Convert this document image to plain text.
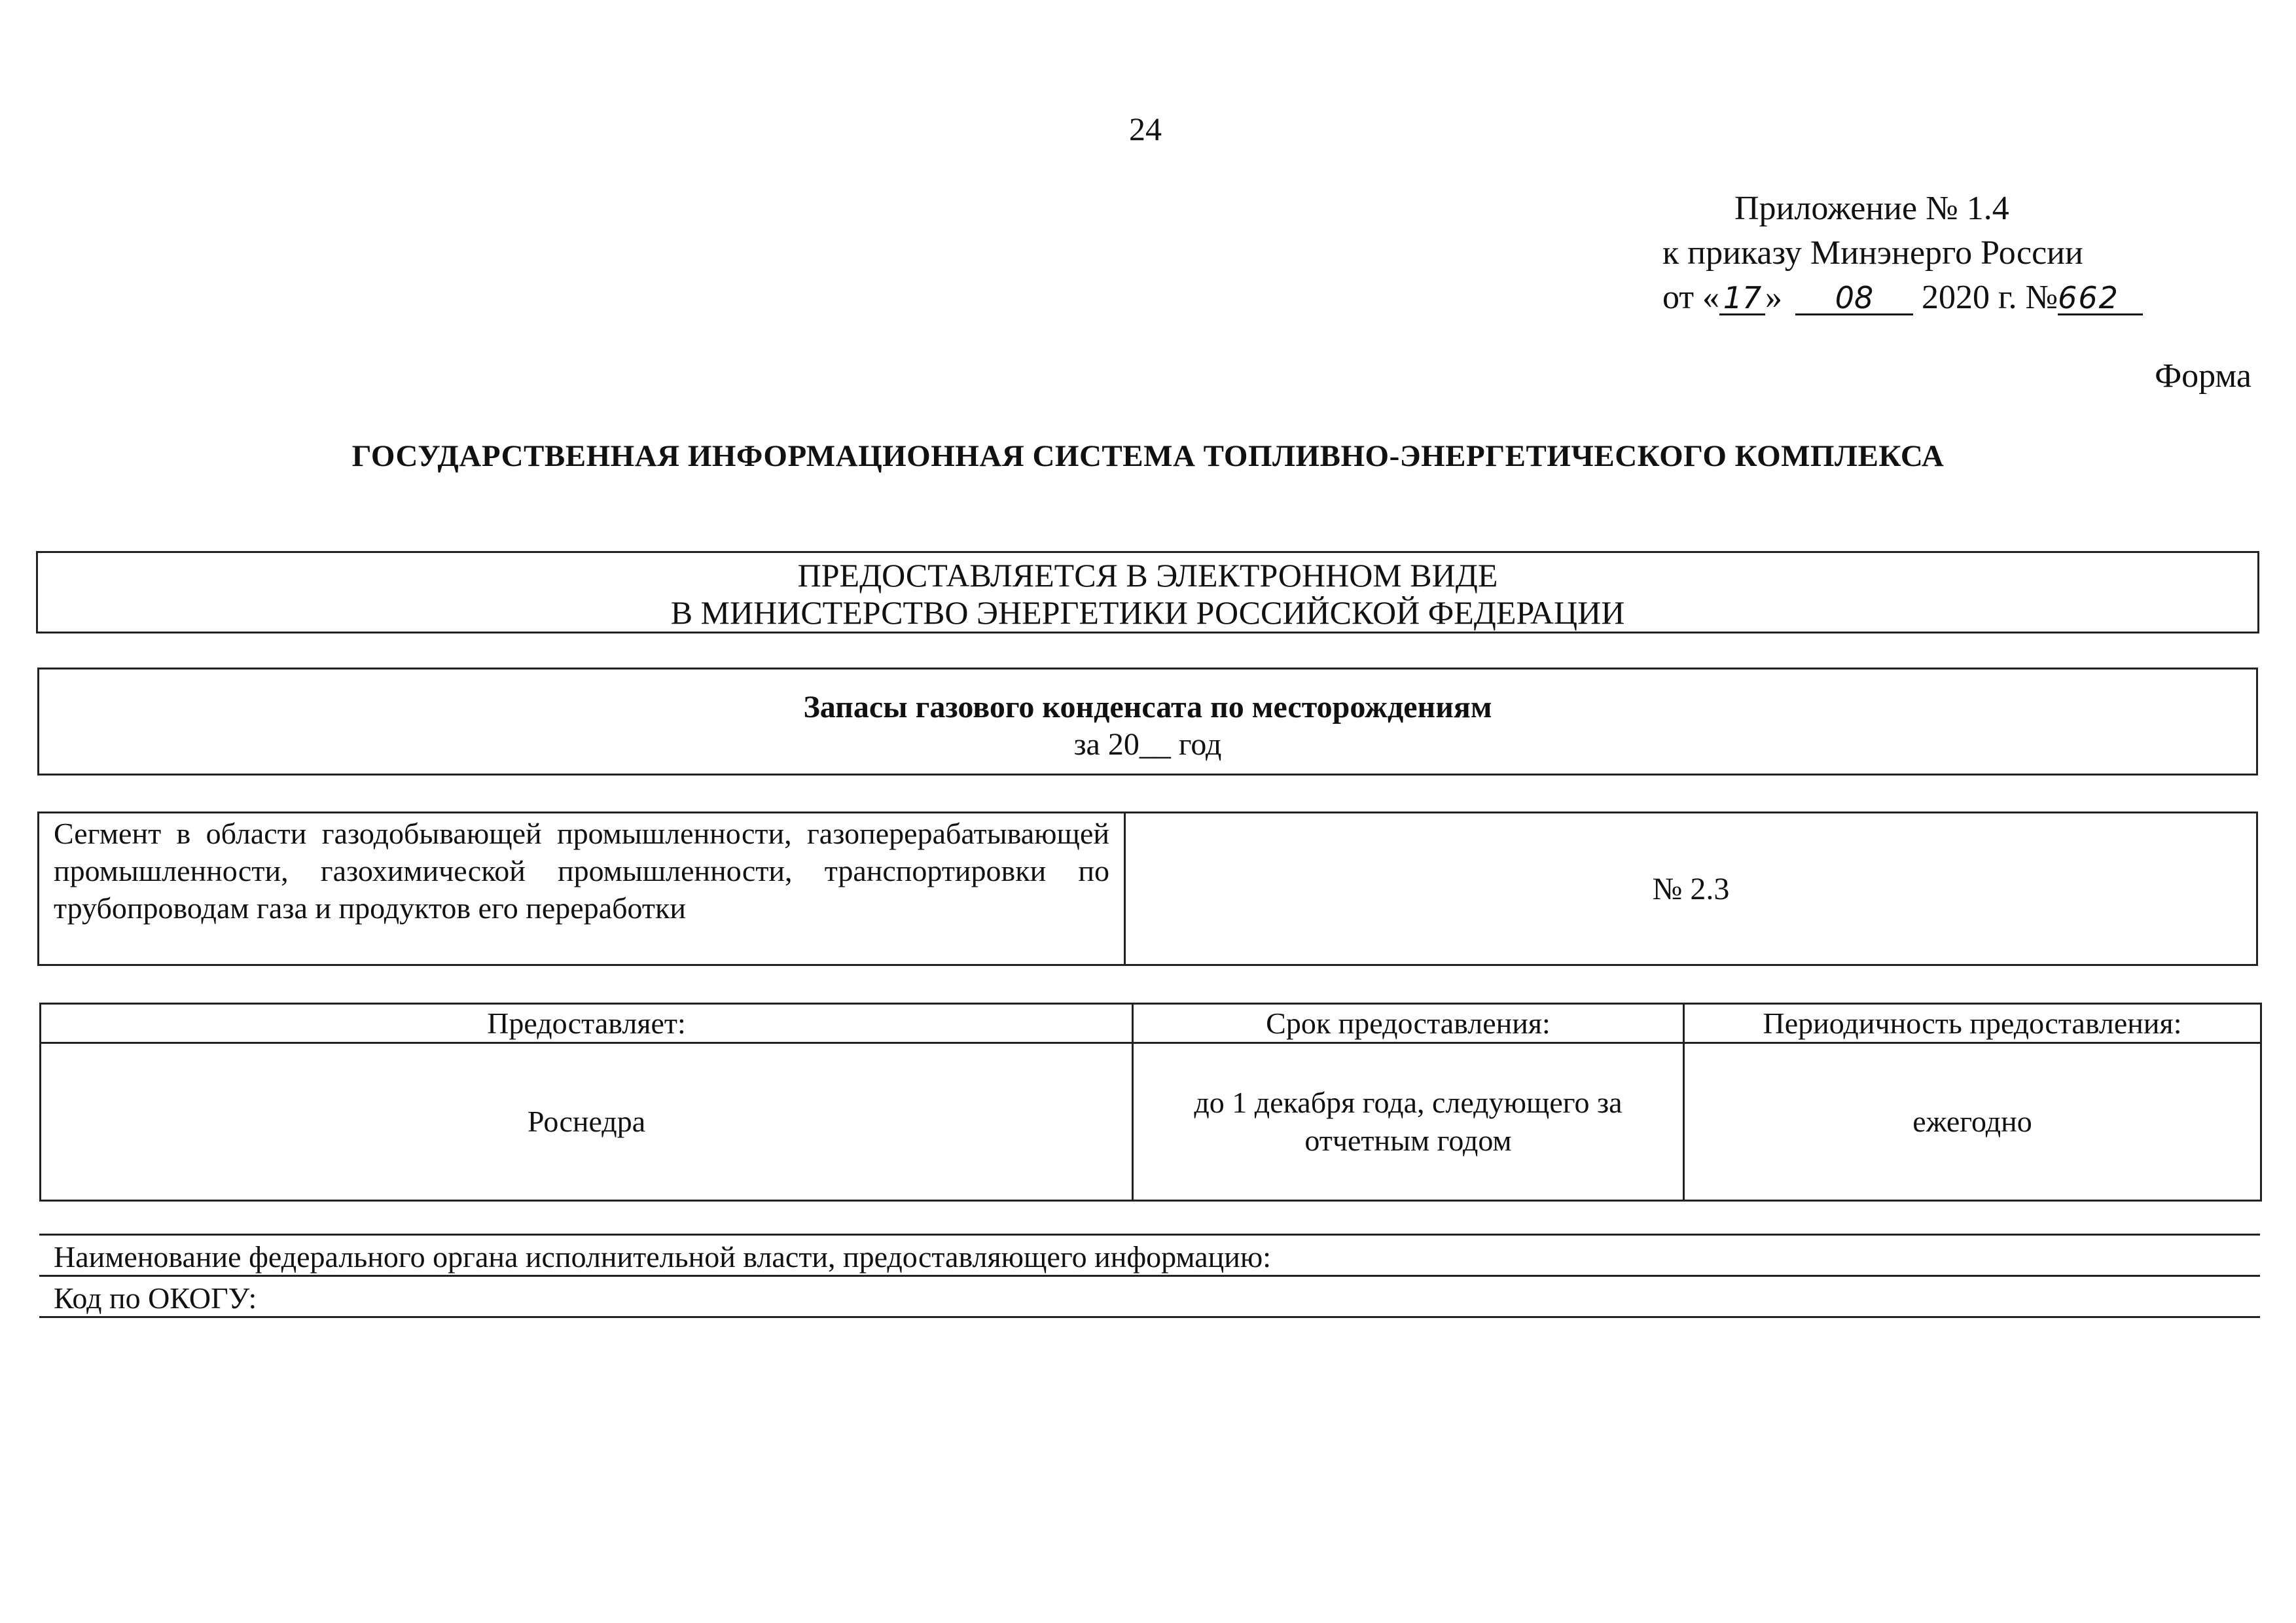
24
Приложение № 1.4
к приказу Минэнерго России
от « 17 » 08 2020 г. №662
Форма
ГОСУДАРСТВЕННАЯ ИНФОРМАЦИОННАЯ СИСТЕМА ТОПЛИВНО-ЭНЕРГЕТИЧЕСКОГО КОМПЛЕКСА
ПРЕДОСТАВЛЯЕТСЯ В ЭЛЕКТРОННОМ ВИДЕ
В МИНИСТЕРСТВО ЭНЕРГЕТИКИ РОССИЙСКОЙ ФЕДЕРАЦИИ
Запасы газового конденсата по месторождениям
за 20__ год
Сегмент в области газодобывающей промышленности, газоперерабатывающей промышленности, газохимической промышленности, транспортировки по трубопроводам газа и продуктов его переработки	№ 2.3
Предоставляет:	Срок предоставления:	Периодичность предоставления:
Роснедра	до 1 декабря года, следующего за отчетным годом	ежегодно
Наименование федерального органа исполнительной власти, предоставляющего информацию:
Код по ОКОГУ:
